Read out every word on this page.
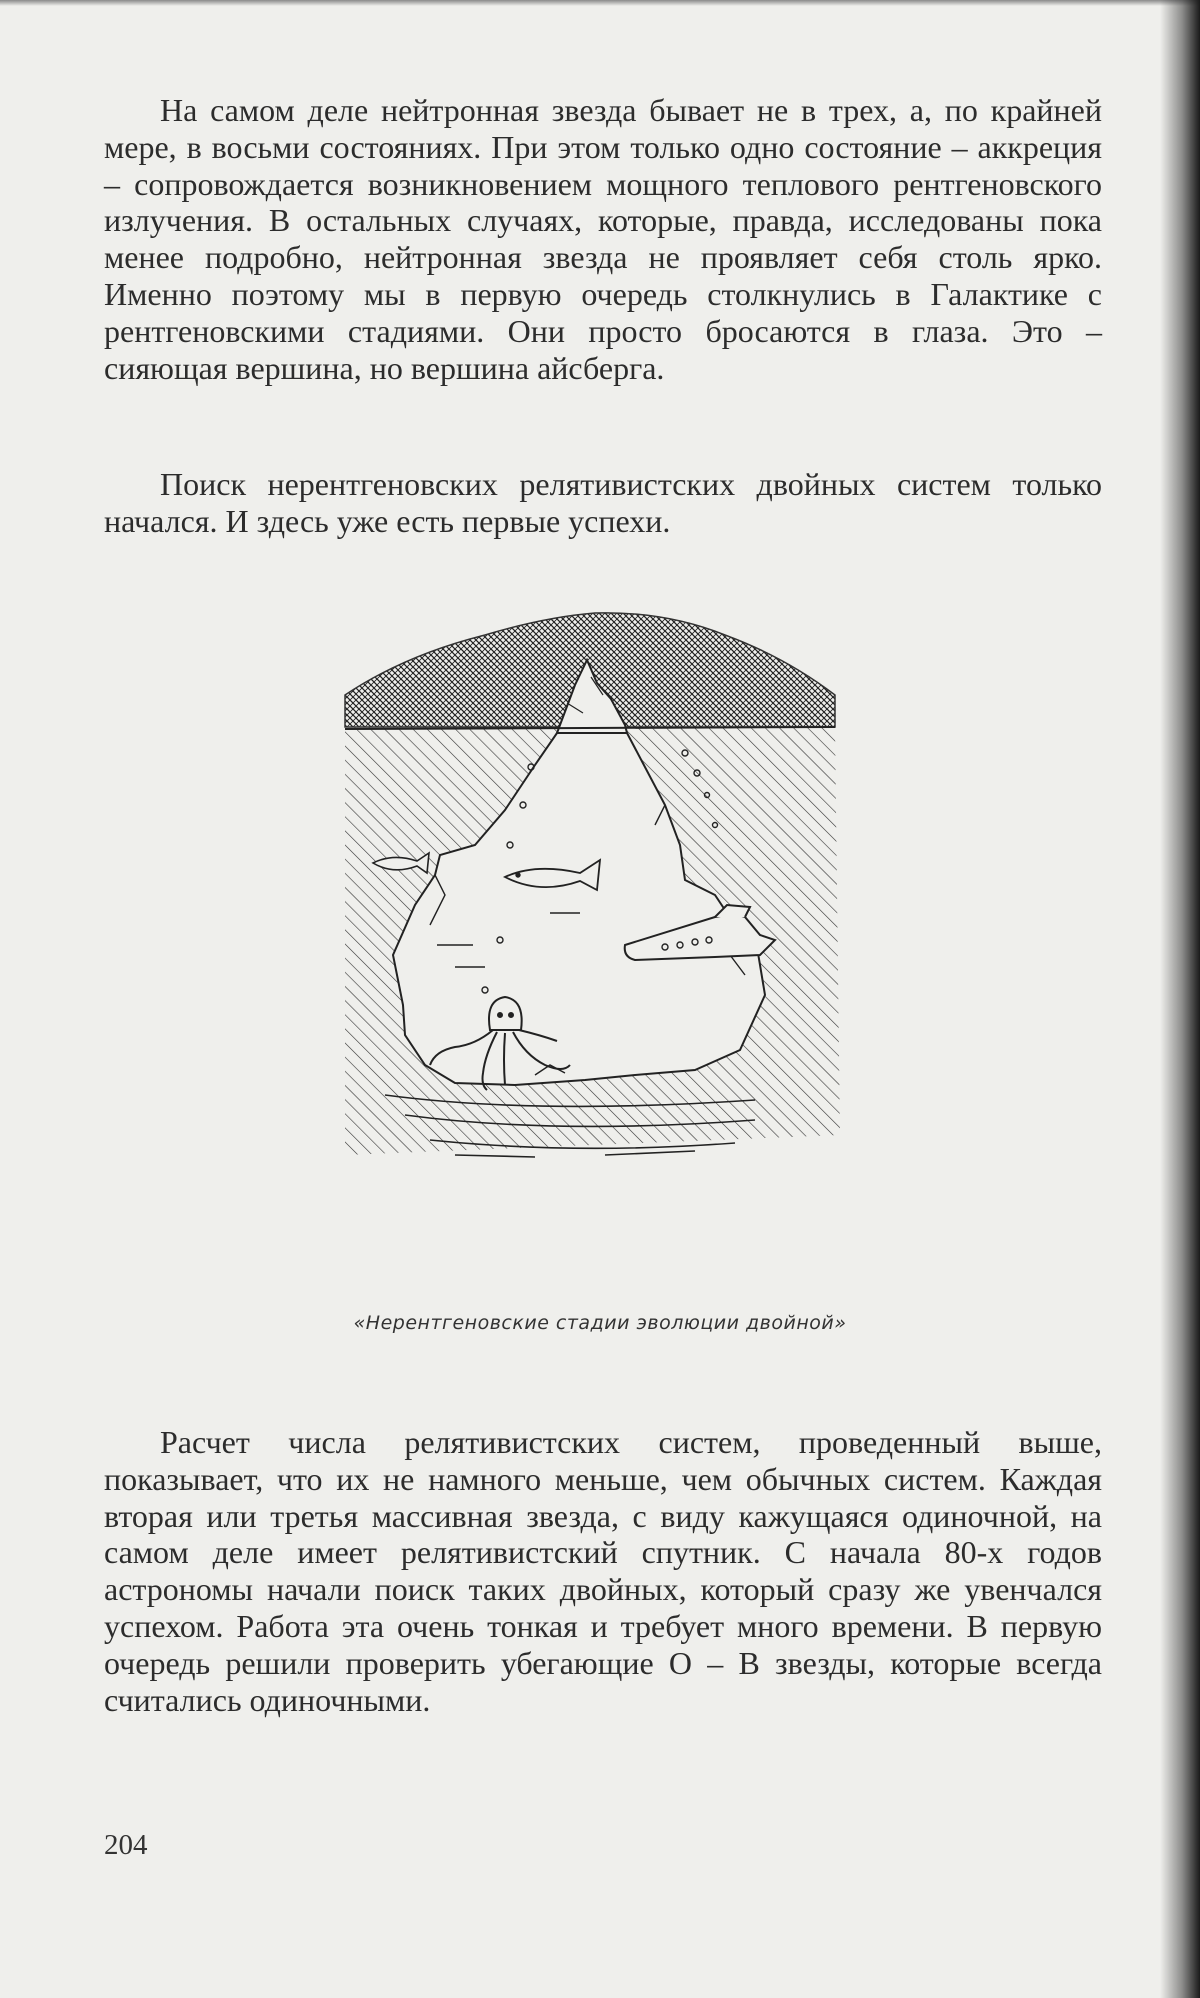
На самом деле нейтронная звезда бывает не в трех, а, по крайней мере, в восьми состояниях. При этом только одно состояние – аккреция – сопровождается возникновением мощного теплового рентгеновского излучения. В остальных случаях, которые, правда, исследованы пока менее подробно, нейтронная звезда не проявляет себя столь ярко. Именно поэтому мы в первую очередь столкнулись в Галактике с рентгеновскими стадиями. Они просто бросаются в глаза. Это – сияющая вершина, но вершина айсберга.

Поиск нерентгеновских релятивистских двойных систем только начался. И здесь уже есть первые успехи.

«Нерентгеновские стадии эволюции двойной»

Расчет числа релятивистских систем, проведенный выше, показывает, что их не намного меньше, чем обычных систем. Каждая вторая или третья массивная звезда, с виду кажущаяся одиночной, на самом деле имеет релятивистский спутник. С начала 80-х годов астрономы начали поиск таких двойных, который сразу же увенчался успехом. Работа эта очень тонкая и требует много времени. В первую очередь решили проверить убегающие О – В звезды, которые всегда считались одиночными.

204
